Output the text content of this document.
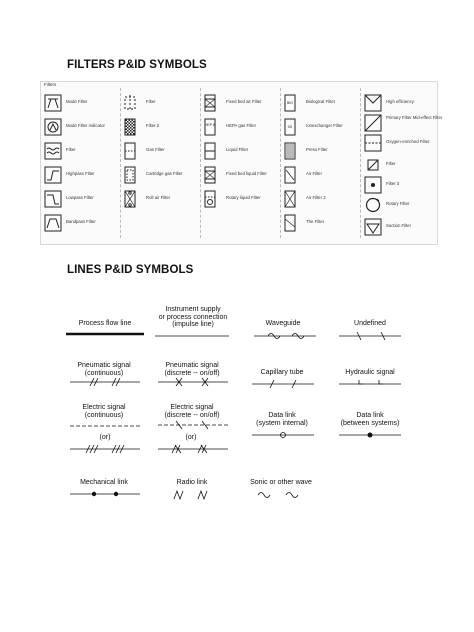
FILTERS P&ID SYMBOLS
Filters
Mode Filter
Mode Filter indicator
Filter
Highpass Filter
Lowpass Filter
Bandpass Filter
Filter
Filter 2
Gas Filter
Cartridge gas Filter
Roll air Filter
Fixed bed air Filter
HEP A	HEPA gas Filter
Liquid Filter
Fixed bed liquid Filter
Rotary liquid Filter
BIO	Biological Filter
IOI	Ionexchanger Filter
Press Filter
Air Filter
Air Filter 2
The Filter
High efficiency
Primary Filter Mid-effect Filter
Oxygen-enriched Filter
Filter
Filter 3
Rotary Filter
Suction Filter
LINES P&ID SYMBOLS
Process flow line
Instrument supply
or process connection
(impulse line)	Waveguide	Undefined
Pneumatic signal
(continuous)
Pneumatic signal
(discrete -- on/off)	Capillary tube	Hydraulic signal
Electric signal
(continuous)
(or)
Electric signal
(discrete -- on/off)
(or)
Data link
(system internal)
Data link
(between systems)
Mechanical link	Radio link	Sonic or other wave
